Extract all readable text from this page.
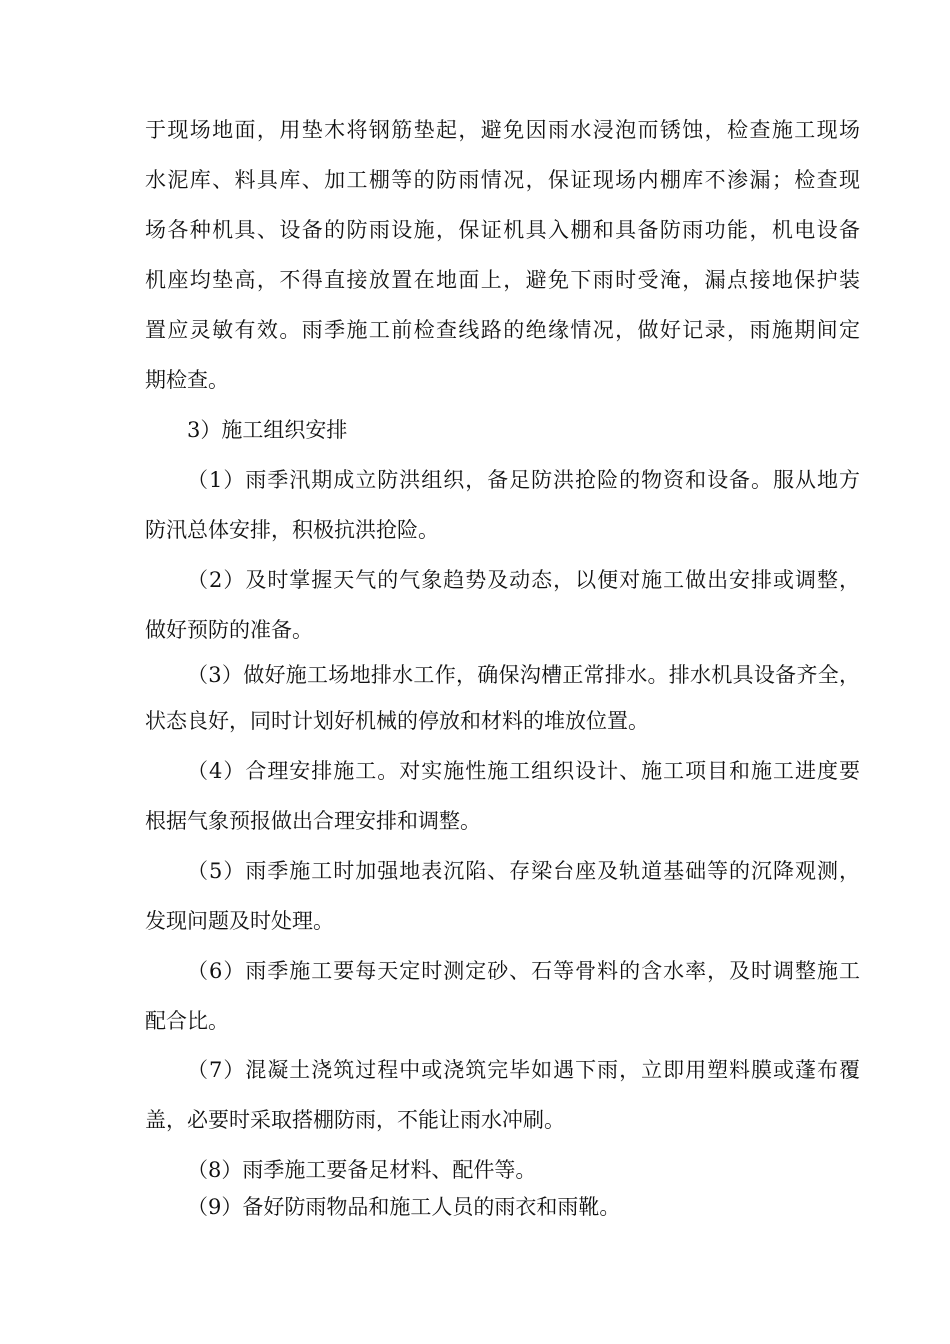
于现场地面，用垫木将钢筋垫起，避免因雨水浸泡而锈蚀，检查施工现场
水泥库、料具库、加工棚等的防雨情况，保证现场内棚库不渗漏；检查现
场各种机具、设备的防雨设施，保证机具入棚和具备防雨功能，机电设备
机座均垫高，不得直接放置在地面上，避免下雨时受淹，漏点接地保护装
置应灵敏有效。雨季施工前检查线路的绝缘情况，做好记录，雨施期间定
期检查。
3）施工组织安排
（1）雨季汛期成立防洪组织，备足防洪抢险的物资和设备。服从地方
防汛总体安排，积极抗洪抢险。
（2）及时掌握天气的气象趋势及动态，以便对施工做出安排或调整，
做好预防的准备。
（3）做好施工场地排水工作，确保沟槽正常排水。排水机具设备齐全，
状态良好，同时计划好机械的停放和材料的堆放位置。
（4）合理安排施工。对实施性施工组织设计、施工项目和施工进度要
根据气象预报做出合理安排和调整。
（5）雨季施工时加强地表沉陷、存梁台座及轨道基础等的沉降观测，
发现问题及时处理。
（6）雨季施工要每天定时测定砂、石等骨料的含水率，及时调整施工
配合比。
（7）混凝土浇筑过程中或浇筑完毕如遇下雨，立即用塑料膜或蓬布覆
盖，必要时采取搭棚防雨，不能让雨水冲刷。
（8）雨季施工要备足材料、配件等。
（9）备好防雨物品和施工人员的雨衣和雨靴。
